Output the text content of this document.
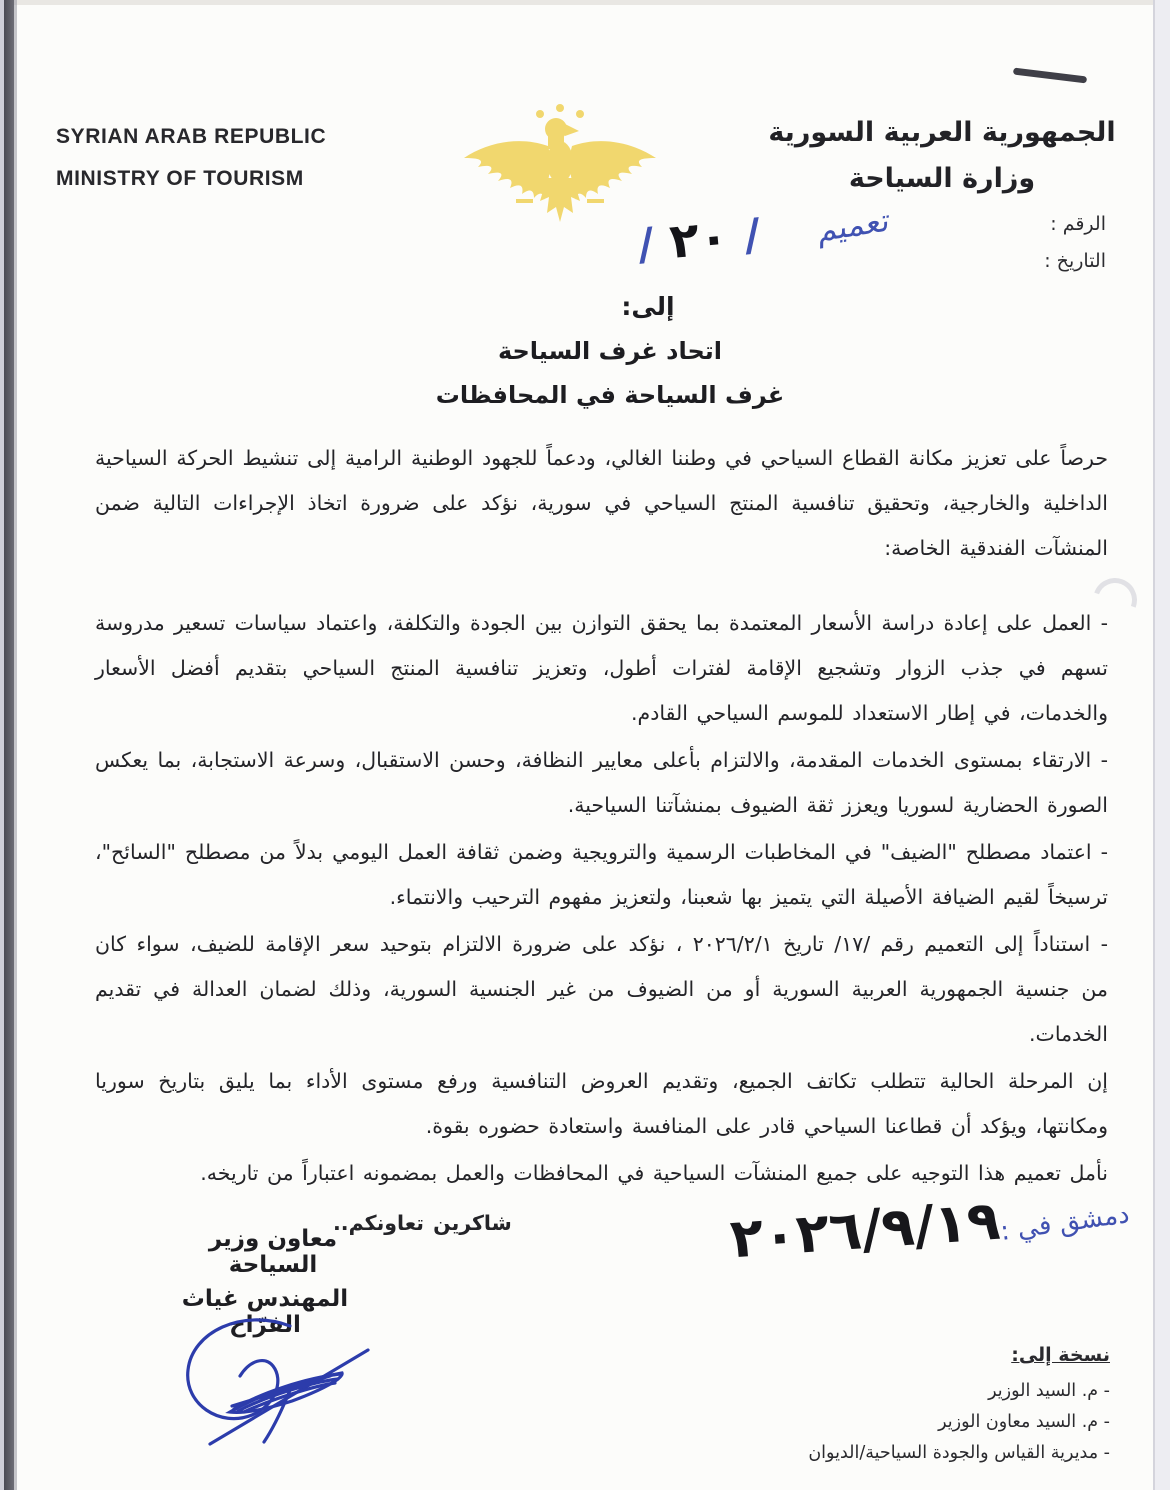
SYRIAN ARAB REPUBLIC
MINISTRY OF TOURISM
الجمهورية العربية السورية
وزارة السياحة
الرقم :
التاريخ :
تعميم
/
٢٠
/
إلى:
اتحاد غرف السياحة
غرف السياحة في المحافظات

حرصاً على تعزيز مكانة القطاع السياحي في وطننا الغالي، ودعماً للجهود الوطنية الرامية إلى تنشيط الحركة السياحية الداخلية والخارجية، وتحقيق تنافسية المنتج السياحي في سورية، نؤكد على ضرورة اتخاذ الإجراءات التالية ضمن المنشآت الفندقية الخاصة:

- العمل على إعادة دراسة الأسعار المعتمدة بما يحقق التوازن بين الجودة والتكلفة، واعتماد سياسات تسعير مدروسة تسهم في جذب الزوار وتشجيع الإقامة لفترات أطول، وتعزيز تنافسية المنتج السياحي بتقديم أفضل الأسعار والخدمات، في إطار الاستعداد للموسم السياحي القادم.

- الارتقاء بمستوى الخدمات المقدمة، والالتزام بأعلى معايير النظافة، وحسن الاستقبال، وسرعة الاستجابة، بما يعكس الصورة الحضارية لسوريا ويعزز ثقة الضيوف بمنشآتنا السياحية.

- اعتماد مصطلح "الضيف" في المخاطبات الرسمية والترويجية وضمن ثقافة العمل اليومي بدلاً من مصطلح "السائح"، ترسيخاً لقيم الضيافة الأصيلة التي يتميز بها شعبنا، ولتعزيز مفهوم الترحيب والانتماء.

- استناداً إلى التعميم رقم /١٧/ تاريخ ٢٠٢٦/٢/١ ، نؤكد على ضرورة الالتزام بتوحيد سعر الإقامة للضيف، سواء كان من جنسية الجمهورية العربية السورية أو من الضيوف من غير الجنسية السورية، وذلك لضمان العدالة في تقديم الخدمات.

إن المرحلة الحالية تتطلب تكاتف الجميع، وتقديم العروض التنافسية ورفع مستوى الأداء بما يليق بتاريخ سوريا ومكانتها، ويؤكد أن قطاعنا السياحي قادر على المنافسة واستعادة حضوره بقوة.

نأمل تعميم هذا التوجيه على جميع المنشآت السياحية في المحافظات والعمل بمضمونه اعتباراً من تاريخه.

شاكرين تعاونكم..	دمشق في :
٢٠٢٦/٩/١٩
معاون وزير السياحة
المهندس غياث الفرّاح
نسخة إلى:
- م. السيد الوزير
- م. السيد معاون الوزير
- مديرية القياس والجودة السياحية/الديوان
